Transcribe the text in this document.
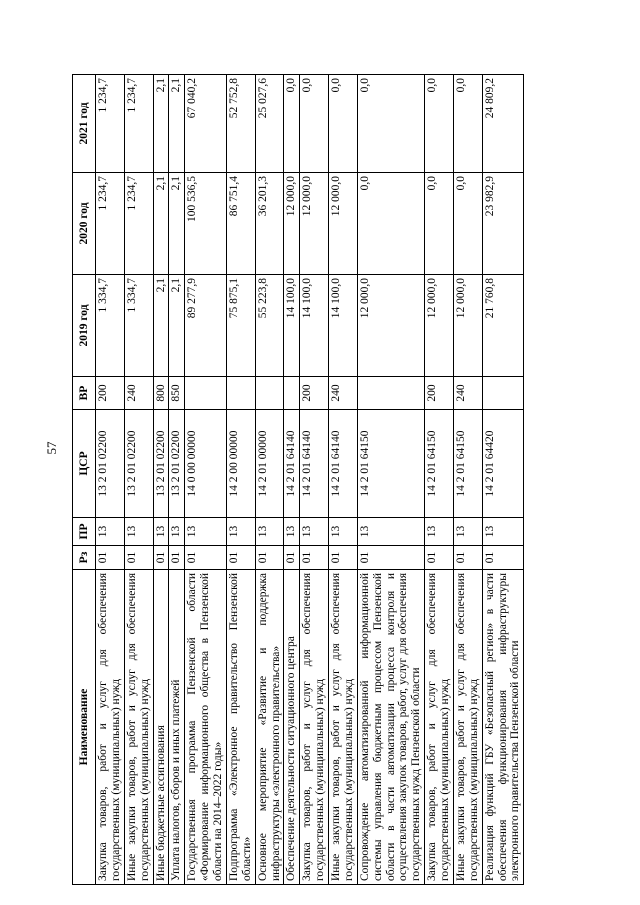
57
Наименование	Рз	ПР	ЦСР	ВР	2019 год	2020 год	2021 год
Закупка товаров, работ и услуг для обеспечения государственных (муниципальных) нужд	01	13	13 2 01 02200	200	1 334,7	1 234,7	1 234,7
Иные закупки товаров, работ и услуг для обеспечения государственных (муниципальных) нужд	01	13	13 2 01 02200	240	1 334,7	1 234,7	1 234,7
Иные бюджетные ассигнования	01	13	13 2 01 02200	800	2,1	2,1	2,1
Уплата налогов, сборов и иных платежей	01	13	13 2 01 02200	850	2,1	2,1	2,1
Государственная программа Пензенской области «Формирование информационного общества в Пензенской области на 2014–2022 годы»	01	13	14 0 00 00000		89 277,9	100 536,5	67 040,2
Подпрограмма «Электронное правительство Пензенской области»	01	13	14 2 00 00000		75 875,1	86 751,4	52 752,8
Основное мероприятие «Развитие и поддержка инфраструктуры «электронного правительства»	01	13	14 2 01 00000		55 223,8	36 201,3	25 027,6
Обеспечение деятельности ситуационного центра	01	13	14 2 01 64140		14 100,0	12 000,0	0,0
Закупка товаров, работ и услуг для обеспечения государственных (муниципальных) нужд	01	13	14 2 01 64140	200	14 100,0	12 000,0	0,0
Иные закупки товаров, работ и услуг для обеспечения государственных (муниципальных) нужд	01	13	14 2 01 64140	240	14 100,0	12 000,0	0,0
Сопровождение автоматизированной информационной системы управления бюджетным процессом Пензенской области в части автоматизации процесса контроля и осуществления закупок товаров, работ, услуг для обеспечения государственных нужд Пензенской области	01	13	14 2 01 64150		12 000,0	0,0	0,0
Закупка товаров, работ и услуг для обеспечения государственных (муниципальных) нужд	01	13	14 2 01 64150	200	12 000,0	0,0	0,0
Иные закупки товаров, работ и услуг для обеспечения государственных (муниципальных) нужд	01	13	14 2 01 64150	240	12 000,0	0,0	0,0
Реализация функций ГБУ «Безопасный регион» в части обеспечения функционирования инфраструктуры электронного правительства Пензенской области	01	13	14 2 01 64420		21 760,8	23 982,9	24 809,2
